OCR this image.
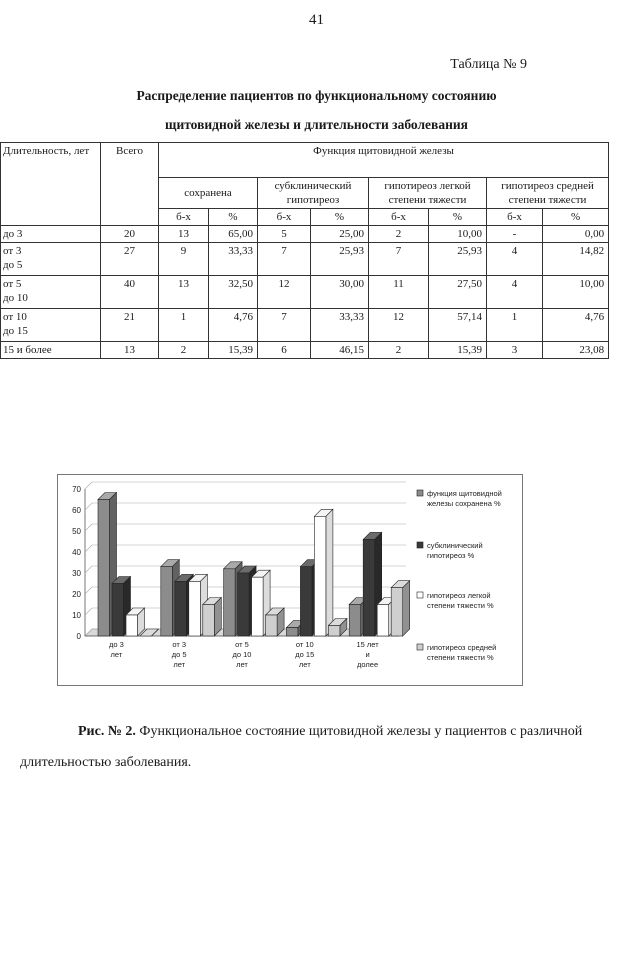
41
Таблица № 9
Распределение пациентов по функциональному состоянию
щитовидной железы и длительности заболевания
Длительность, лет	Всего	Функция щитовидной железы							
		сохранена		субклинический гипотиреоз		гипотиреоз легкой степени тяжести		гипотиреоз средней степени тяжести	
		б-х	%	б-х	%	б-х	%	б-х	%

до 3	20	13	65,00	5	25,00	2	10,00	-	0,00

от 3
до 5	27	9	33,33	7	25,93	7	25,93	4	14,82

от 5
до 10	40	13	32,50	12	30,00	11	27,50	4	10,00

от 10
до 15	21	1	4,76	7	33,33	12	57,14	1	4,76

15 и более	13	2	15,39	6	46,15	2	15,39	3	23,08
0
10
20
30
40
50
60
70
до 3
лет
от 3
до 5
лет
от 5
до 10
лет
от 10
до 15
лет
15 лет
и
долее
функция щитовидной
железы сохранена %
субклинический
гипотиреоз %
гипотиреоз легкой
степени тяжести %
гипотиреоз средней
степени тяжести %
Рис. № 2. Функциональное состояние щитовидной железы у пациентов с различной длительностью заболевания.
